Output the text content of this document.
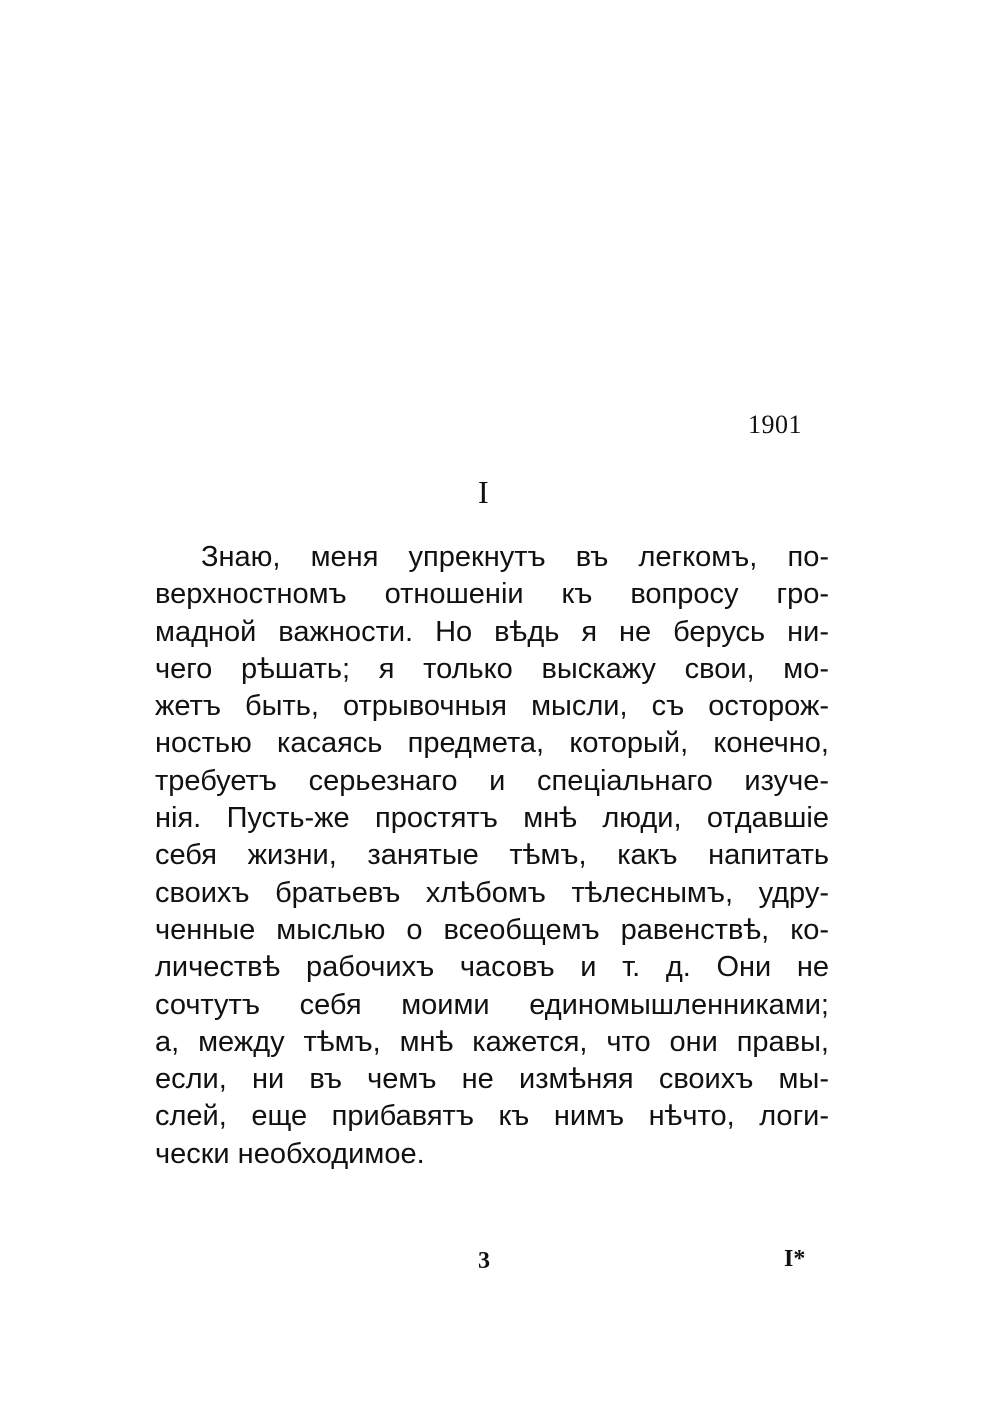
1901
I
Знаю, меня упрекнутъ въ легкомъ, по-
верхностномъ отношенiи къ вопросу гро-
мадной важности. Но вѣдь я не берусь ни-
чего рѣшать; я только выскажу свои, мо-
жетъ быть, отрывочныя мысли, съ осторож-
ностью касаясь предмета, который, конечно,
требуетъ серьезнаго и спецiальнаго изуче-
нiя. Пусть-же простятъ мнѣ люди, отдавшiе
себя жизни, занятые тѣмъ, какъ напитать
своихъ братьевъ хлѣбомъ тѣлеснымъ, удру-
ченные мыслью о всеобщемъ равенствѣ, ко-
личествѣ рабочихъ часовъ и т. д. Они не
сочтутъ себя моими единомышленниками;
а, между тѣмъ, мнѣ кажется, что они правы,
если, ни въ чемъ не измѣняя своихъ мы-
слей, еще прибавятъ къ нимъ нѣчто, логи-
чески необходимое.
3	I*
